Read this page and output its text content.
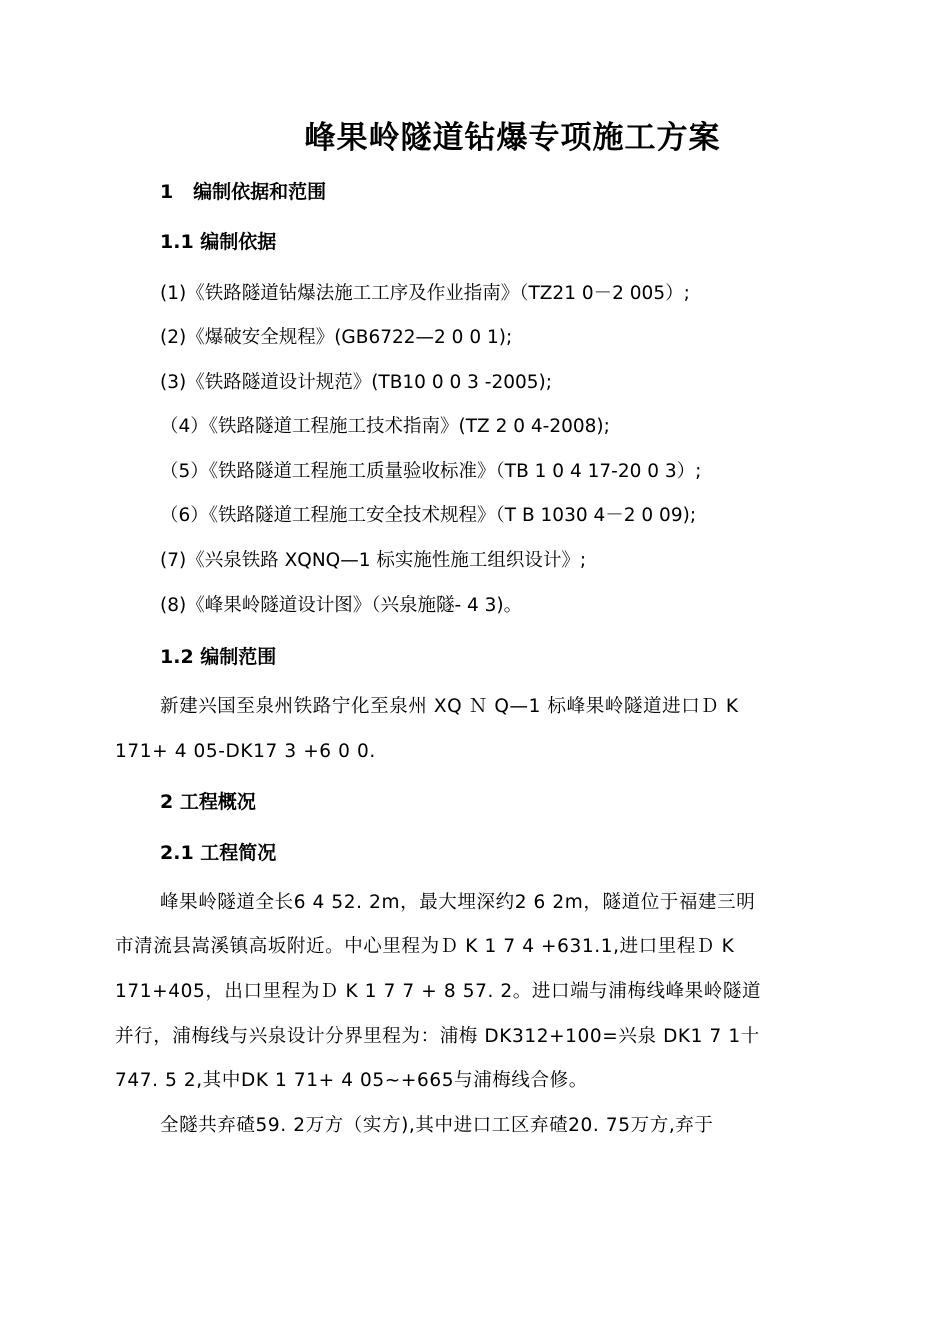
峰果岭隧道钻爆专项施工方案

1   编制依据和范围

1.1 编制依据

(1)《铁路隧道钻爆法施工工序及作业指南》（TZ21 0－2 005）;

(2)《爆破安全规程》(GB6722—2 0 0 1);

(3)《铁路隧道设计规范》(TB10 0 0 3 -2005);

（4）《铁路隧道工程施工技术指南》(TZ 2 0 4-2008);

（5）《铁路隧道工程施工质量验收标准》（TB 1 0 4 17-20 0 3）;

（6）《铁路隧道工程施工安全技术规程》（T B 1030 4－2 0 09);

(7)《兴泉铁路 XQNQ—1 标实施性施工组织设计》;

(8)《峰果岭隧道设计图》（兴泉施隧- 4 3)。

1.2 编制范围

新建兴国至泉州铁路宁化至泉州 XQ Ｎ Q—1 标峰果岭隧道进口Ｄ K

171+ 4 05-DK17 3 +6 0 0.

2 工程概况

2.1 工程简况

峰果岭隧道全长6 4 52. 2m，最大埋深约2 6 2m，隧道位于福建三明

市清流县嵩溪镇高坂附近。中心里程为Ｄ K 1 7 4 +631.1,进口里程Ｄ K

171+405，出口里程为Ｄ K 1 7 7 + 8 57. 2。进口端与浦梅线峰果岭隧道

并行，浦梅线与兴泉设计分界里程为：浦梅 DK312+100=兴泉 DK1 7 1十

747. 5 2,其中DK 1 71+ 4 05~+665与浦梅线合修。

全隧共弃碴59. 2万方（实方),其中进口工区弃碴20. 75万方,弃于
